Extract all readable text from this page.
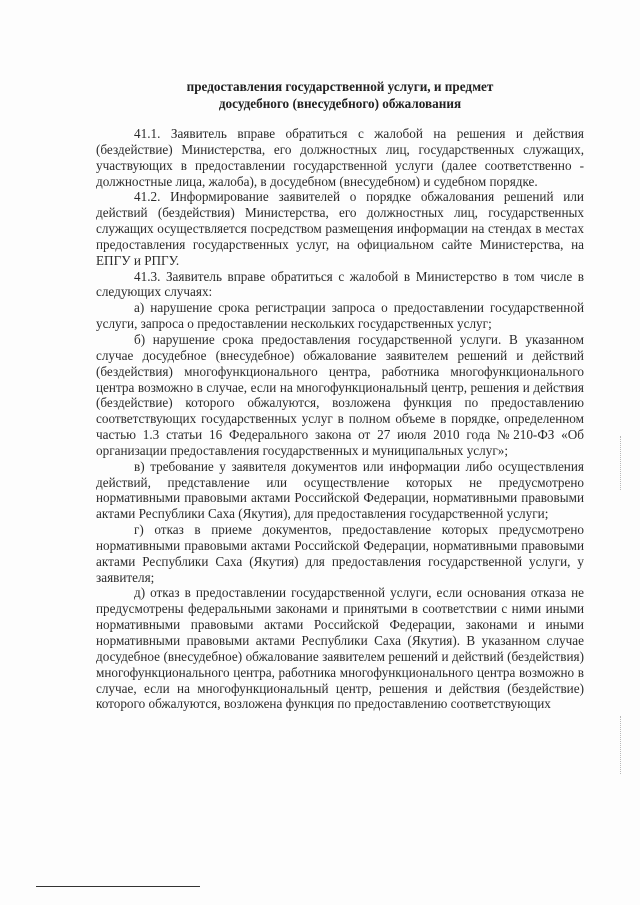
предоставления государственной услуги, и предмет
досудебного (внесудебного) обжалования

41.1. Заявитель вправе обратиться с жалобой на решения и действия (бездействие) Министерства, его должностных лиц, государственных служащих, участвующих в предоставлении государственной услуги (далее соответственно - должностные лица, жалоба), в досудебном (внесудебном) и судебном порядке.

41.2. Информирование заявителей о порядке обжалования решений или действий (бездействия) Министерства, его должностных лиц, государственных служащих осуществляется посредством размещения информации на стендах в местах предоставления государственных услуг, на официальном сайте Министерства, на ЕПГУ и РПГУ.

41.3. Заявитель вправе обратиться с жалобой в Министерство в том числе в следующих случаях:

а) нарушение срока регистрации запроса о предоставлении государственной услуги, запроса о предоставлении нескольких государственных услуг;

б) нарушение срока предоставления государственной услуги. В указанном случае досудебное (внесудебное) обжалование заявителем решений и действий (бездействия) многофункционального центра, работника многофункционального центра возможно в случае, если на многофункциональный центр, решения и действия (бездействие) которого обжалуются, возложена функция по предоставлению соответствующих государственных услуг в полном объеме в порядке, определенном частью 1.3 статьи 16 Федерального закона от 27 июля 2010 года №210-ФЗ «Об организации предоставления государственных и муниципальных услуг»;

в) требование у заявителя документов или информации либо осуществления действий, представление или осуществление которых не предусмотрено нормативными правовыми актами Российской Федерации, нормативными правовыми актами Республики Саха (Якутия), для предоставления государственной услуги;

г) отказ в приеме документов, предоставление которых предусмотрено нормативными правовыми актами Российской Федерации, нормативными правовыми актами Республики Саха (Якутия) для предоставления государственной услуги, у заявителя;

д) отказ в предоставлении государственной услуги, если основания отказа не предусмотрены федеральными законами и принятыми в соответствии с ними иными нормативными правовыми актами Российской Федерации, законами и иными нормативными правовыми актами Республики Саха (Якутия). В указанном случае досудебное (внесудебное) обжалование заявителем решений и действий (бездействия) многофункционального центра, работника многофункционального центра возможно в случае, если на многофункциональный центр, решения и действия (бездействие) которого обжалуются, возложена функция по предоставлению соответствующих
